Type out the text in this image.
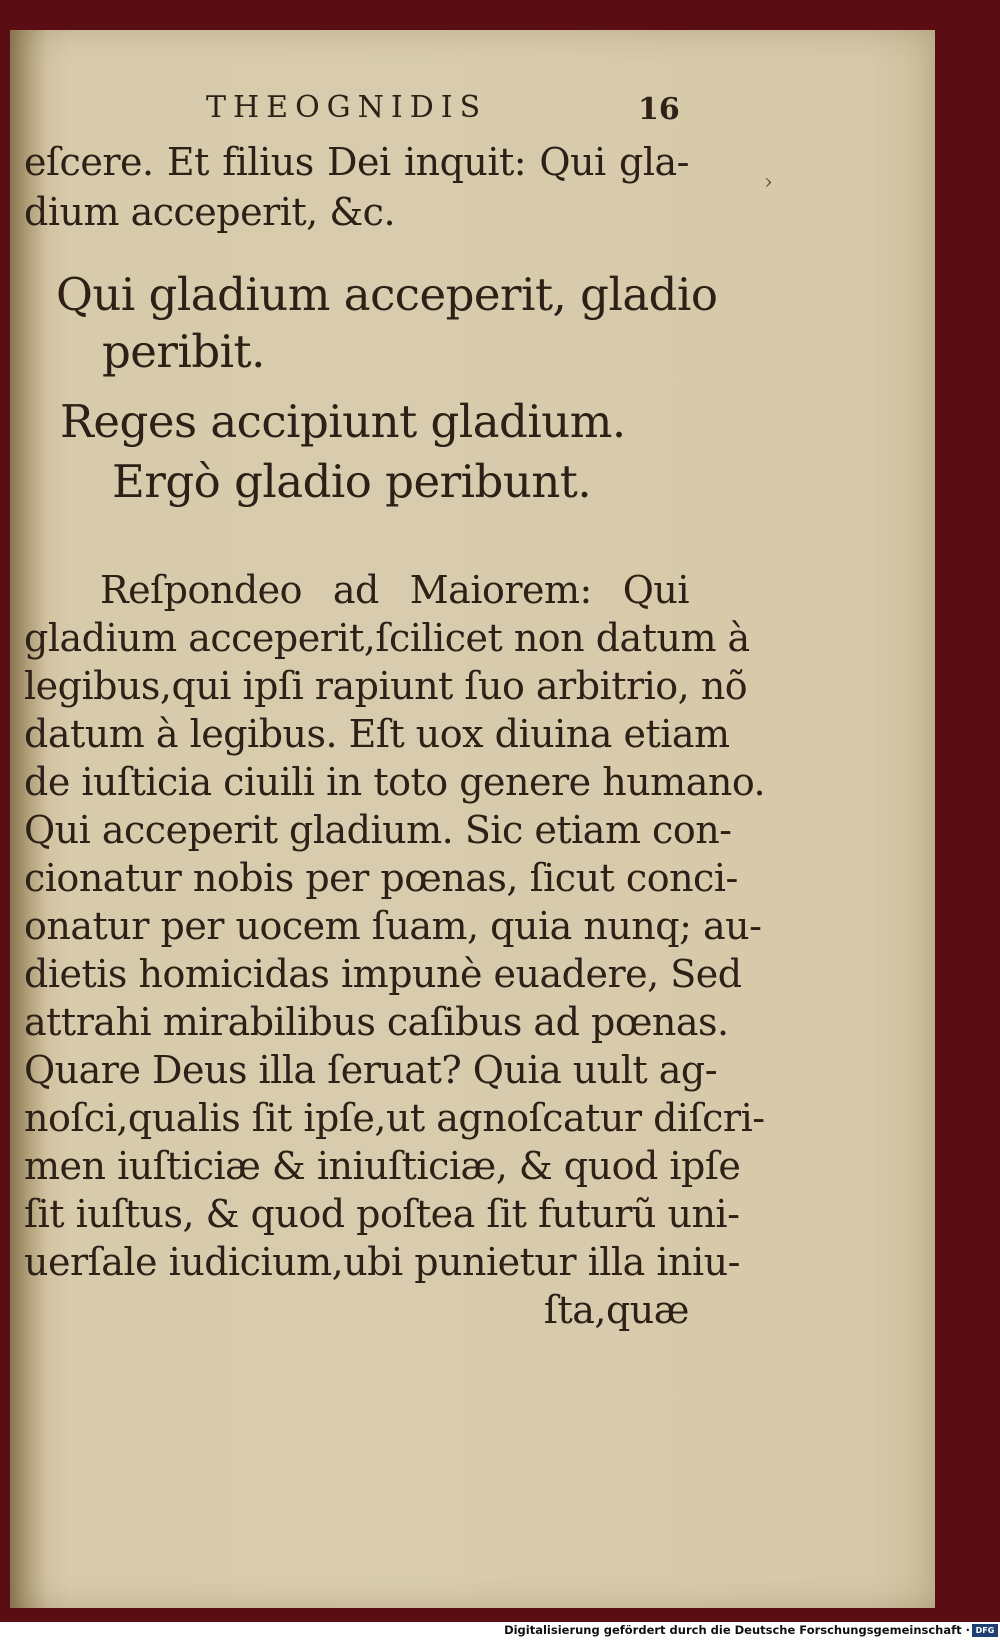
THEOGNIDIS	16
›
eſcere. Et filius Dei inquit: Qui gla-
dium acceperit, &c.
Qui gladium acceperit, gladio
peribit.
Reges accipiunt gladium.
Ergò gladio peribunt.
Reſpondeo ad Maiorem: Qui
gladium acceperit,ſcilicet non datum à
legibus,qui ipſi rapiunt ſuo arbitrio, nõ
datum à legibus. Eſt uox diuina etiam
de iuſticia ciuili in toto genere humano.
Qui acceperit gladium. Sic etiam con-
cionatur nobis per pœnas, ſicut conci-
onatur per uocem ſuam, quia nunq; au-
dietis homicidas impunè euadere, Sed
attrahi mirabilibus caſibus ad pœnas.
Quare Deus illa ſeruat? Quia uult ag-
noſci,qualis ſit ipſe,ut agnoſcatur diſcri-
men iuſticiæ & iniuſticiæ, & quod ipſe
ſit iuſtus, & quod poſtea ſit futurũ uni-
uerſale iudicium,ubi punietur illa iniu-
ſta,quæ
Digitalisierung gefördert durch die Deutsche Forschungsgemeinschaft · DFG
